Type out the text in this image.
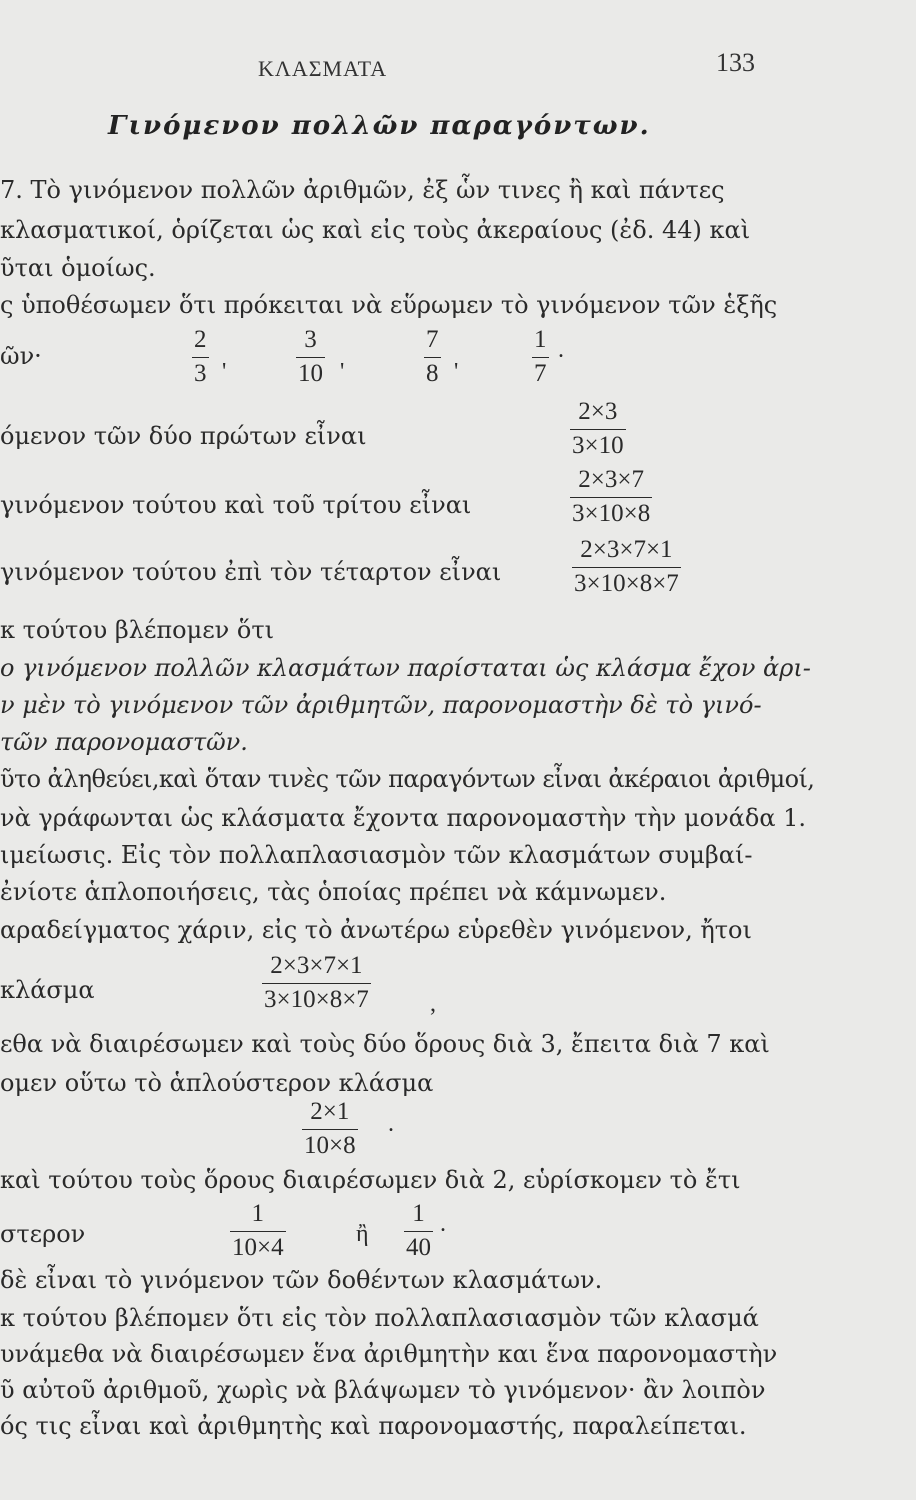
ΚΛΑΣΜΑΤΑ	133
Γινόμενον πολλῶν παραγόντων.
7. Τὸ γινόμενον πολλῶν ἀριθμῶν, ἐξ ὧν τινες ἢ καὶ πάντες
κλασματικοί, ὁρίζεται ὡς καὶ εἰς τοὺς ἀκεραίους (ἐδ. 44) καὶ
ῦται ὁμοίως.
ς ὑποθέσωμεν ὅτι πρόκειται νὰ εὕρωμεν τὸ γινόμενον τῶν ἑξῆς
ῶν·
2
3 '
3
10 '
7
8 '
1
7
.
όμενον τῶν δύο πρώτων εἶναι
2×3
3×10
γινόμενον τούτου καὶ τοῦ τρίτου εἶναι
2×3×7
3×10×8
γινόμενον τούτου ἐπὶ τὸν τέταρτον εἶναι
2×3×7×1
3×10×8×7
κ τούτου βλέπομεν ὅτι
ο γινόμενον πολλῶν κλασμάτων παρίσταται ὡς κλάσμα ἔχον ἀρι-
ν μὲν τὸ γινόμενον τῶν ἀριθμητῶν, παρονομαστὴν δὲ τὸ γινό-
τῶν παρονομαστῶν.
ῦτο ἀληθεύει,καὶ ὅταν τινὲς τῶν παραγόντων εἶναι ἀκέραιοι ἀριθμοί,
νὰ γράφωνται ὡς κλάσματα ἔχοντα παρονομαστὴν τὴν μονάδα 1.
ιμείωσις. Εἰς τὸν πολλαπλασιασμὸν τῶν κλασμάτων συμβαί-
ἐνίοτε ἁπλοποιήσεις, τὰς ὁποίας πρέπει νὰ κάμνωμεν.
αραδείγματος χάριν, εἰς τὸ ἀνωτέρω εὑρεθὲν γινόμενον, ἤτοι
κλάσμα
2×3×7×1
3×10×8×7	,
εθα νὰ διαιρέσωμεν καὶ τοὺς δύο ὅρους διὰ 3, ἔπειτα διὰ 7 καὶ
ομεν οὕτω τὸ ἁπλούστερον κλάσμα
2×1
10×8
.
καὶ τούτου τοὺς ὅρους διαιρέσωμεν διὰ 2, εὑρίσκομεν τὸ ἔτι
στερον
1
10×4	ἢ
1
40
.
δὲ εἶναι τὸ γινόμενον τῶν δοθέντων κλασμάτων.
κ τούτου βλέπομεν ὅτι εἰς τὸν πολλαπλασιασμὸν τῶν κλασμά
υνάμεθα νὰ διαιρέσωμεν ἕνα ἀριθμητὴν και ἕνα παρονομαστὴν
ῦ αὐτοῦ ἀριθμοῦ, χωρὶς νὰ βλάψωμεν τὸ γινόμενον· ἂν λοιπὸν
ός τις εἶναι καὶ ἀριθμητὴς καὶ παρονομαστής, παραλείπεται.
